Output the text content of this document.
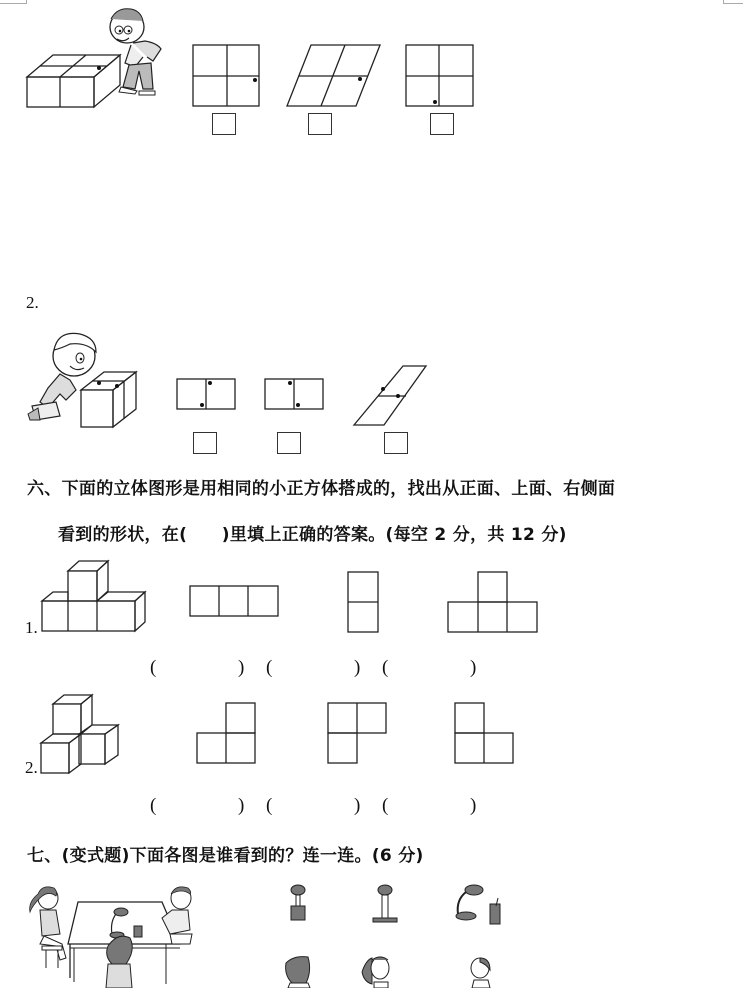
2.
六、下面的立体图形是用相同的小正方体搭成的，找出从正面、上面、右侧面
看到的形状，在(　　)里填上正确的答案。(每空 2 分，共 12 分)
1.
(	) (	) (	)
2.
(	) (	) (	)
七、(变式题)下面各图是谁看到的？连一连。(6 分)
